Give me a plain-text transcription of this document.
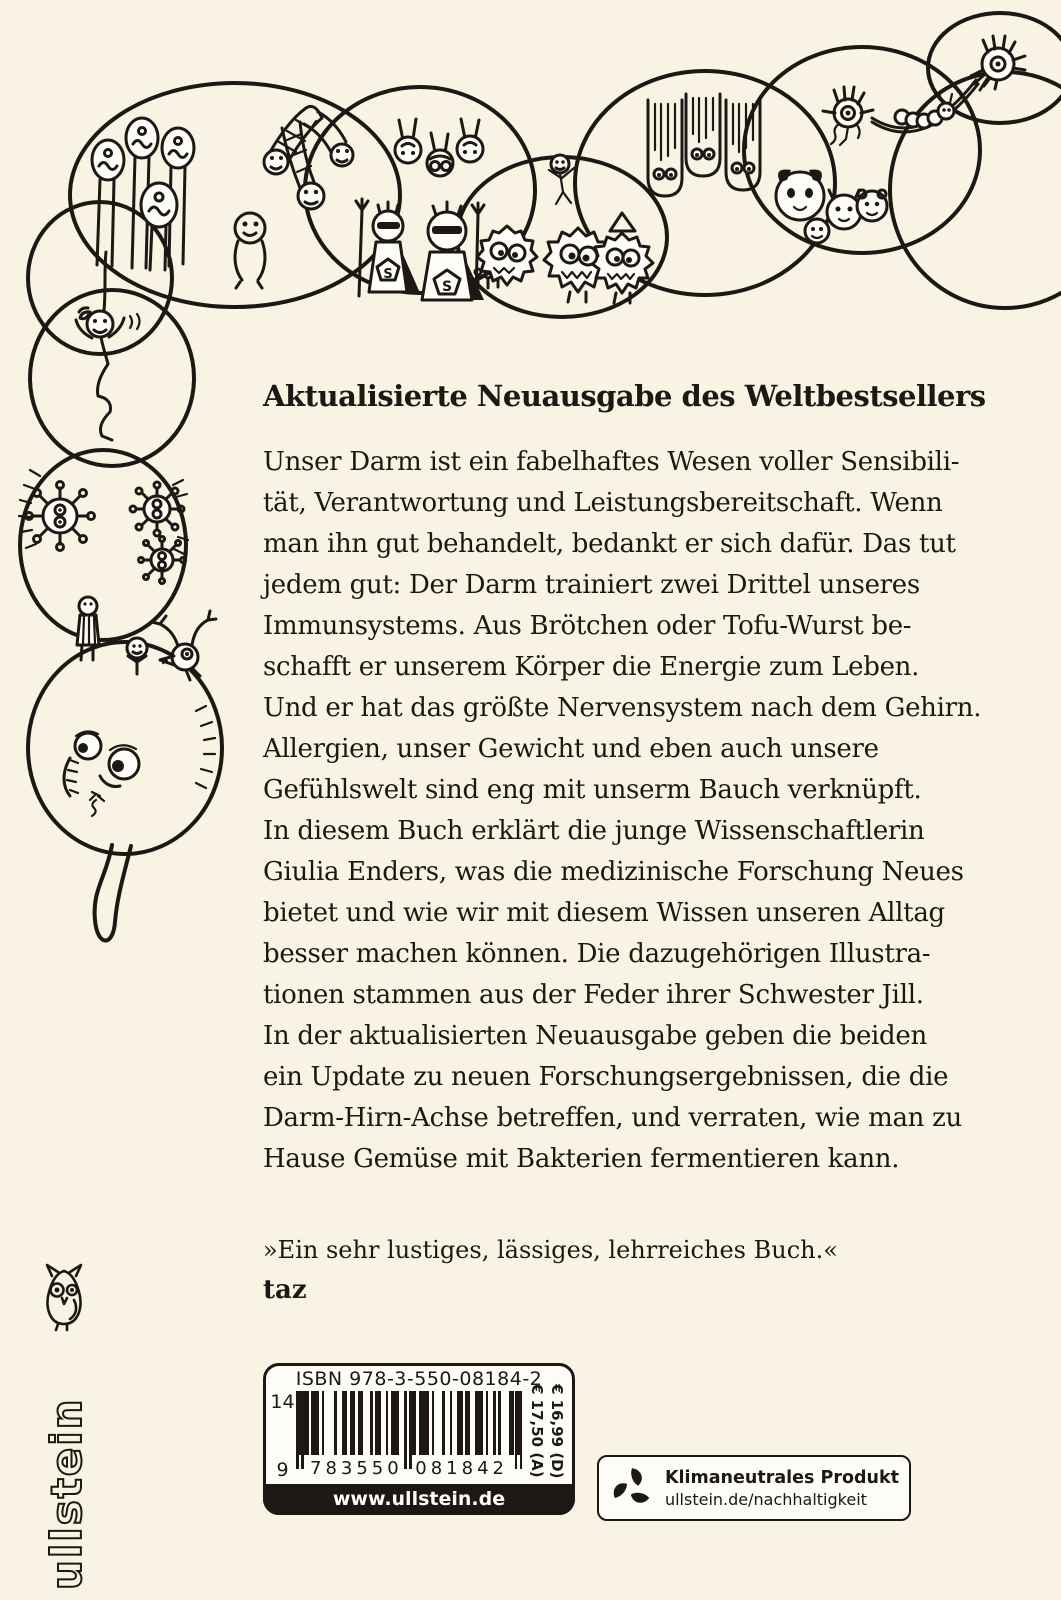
S
S
Aktualisierte Neuausgabe des Weltbestsellers
Unser Darm ist ein fabelhaftes Wesen voller Sensibili-
tät, Verantwortung und Leistungsbereitschaft. Wenn
man ihn gut behandelt, bedankt er sich dafür. Das tut
jedem gut: Der Darm trainiert zwei Drittel unseres
Immunsystems. Aus Brötchen oder Tofu-Wurst be-
schafft er unserem Körper die Energie zum Leben.
Und er hat das größte Nervensystem nach dem Gehirn.
Allergien, unser Gewicht und eben auch unsere
Gefühlswelt sind eng mit unserm Bauch verknüpft.
In diesem Buch erklärt die junge Wissenschaftlerin
Giulia Enders, was die medizinische Forschung Neues
bietet und wie wir mit diesem Wissen unseren Alltag
besser machen können. Die dazugehörigen Illustra-
tionen stammen aus der Feder ihrer Schwester Jill.
In der aktualisierten Neuausgabe geben die beiden
ein Update zu neuen Forschungsergebnissen, die die
Darm-Hirn-Achse betreffen, und verraten, wie man zu
Hause Gemüse mit Bakterien fermentieren kann.
»Ein sehr lustiges, lässiges, lehrreiches Buch.«
taz
ullstein
ISBN 978-3-550-08184-2
14
9 783550 081842	€ 16,99 (D)
€ 17,50 (A)
www.ullstein.de
Klimaneutrales Produkt
ullstein.de/nachhaltigkeit
